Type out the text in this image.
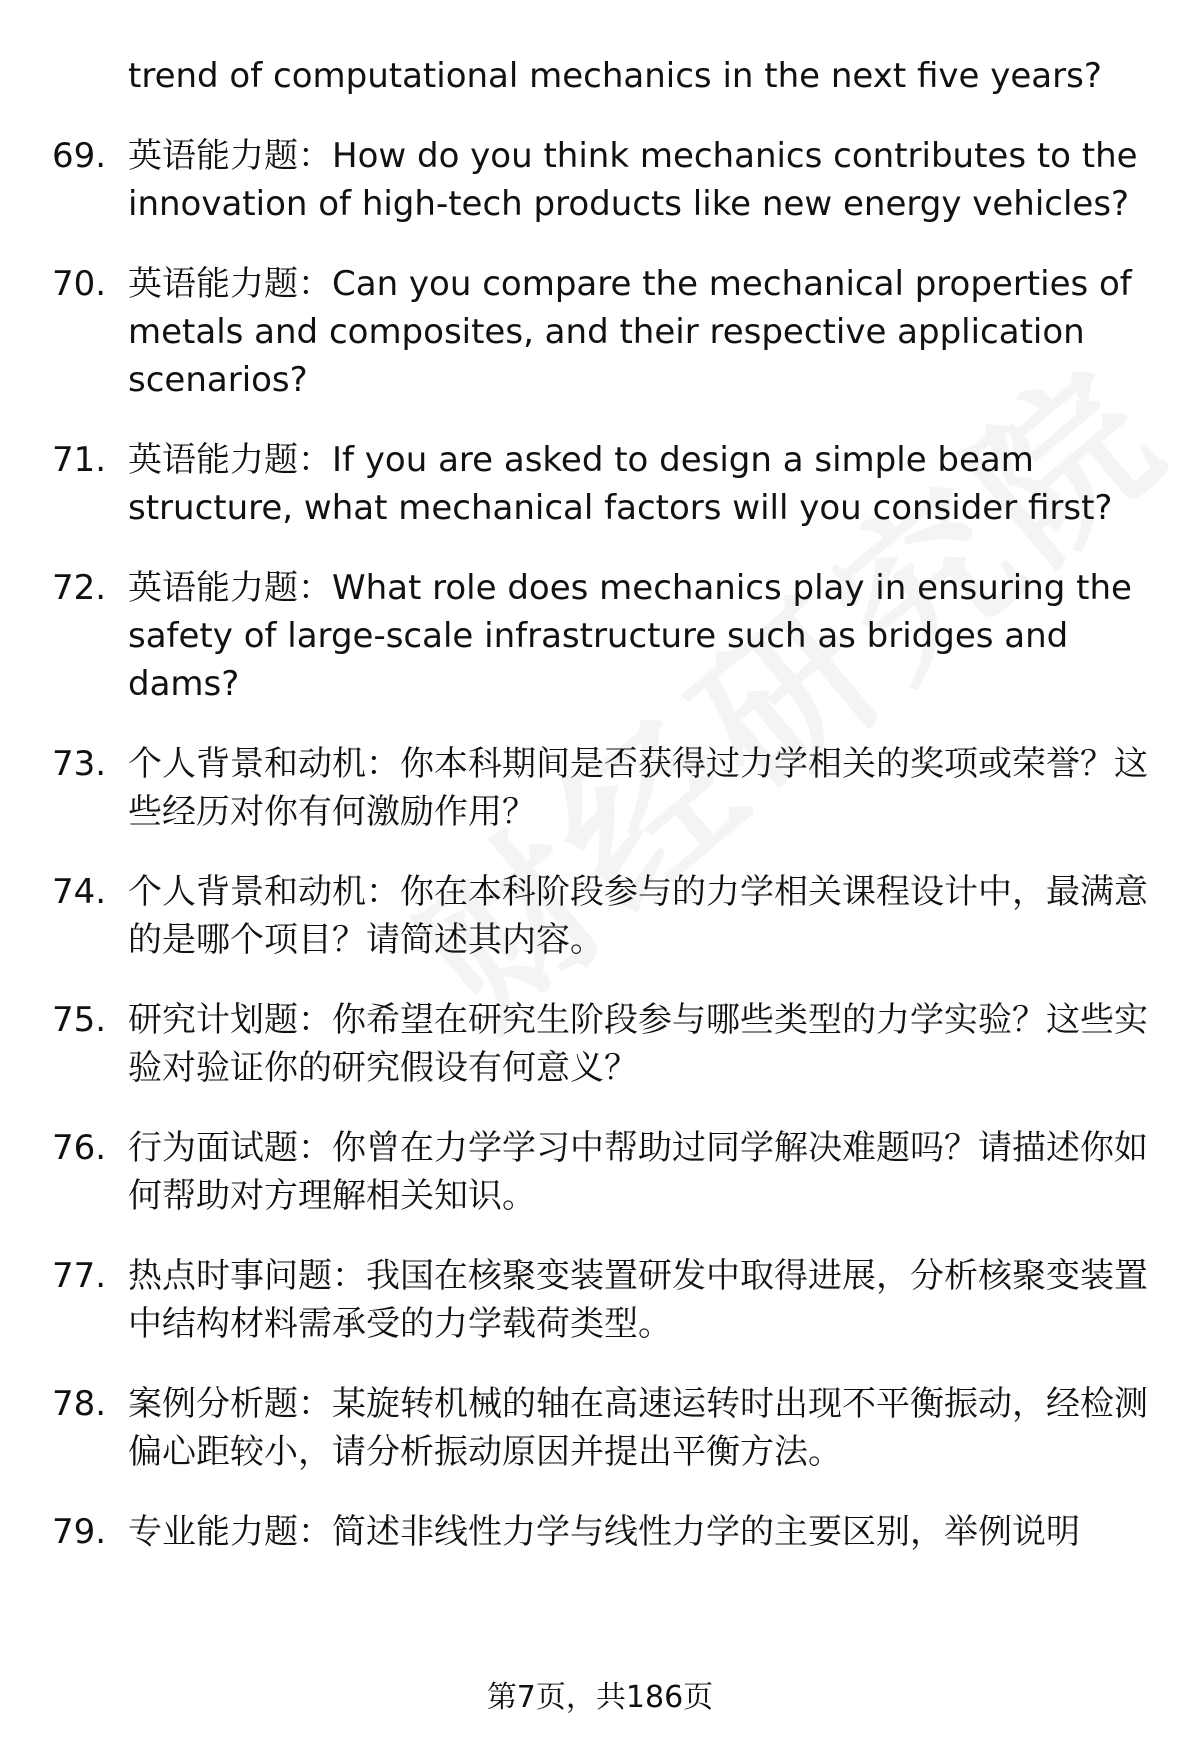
trend of computational mechanics in the next five years?
69. 英语能力题：How do you think mechanics contributes to the innovation of high-tech products like new energy vehicles?
70. 英语能力题：Can you compare the mechanical properties of metals and composites, and their respective application scenarios?
71. 英语能力题：If you are asked to design a simple beam structure, what mechanical factors will you consider first?
72. 英语能力题：What role does mechanics play in ensuring the safety of large-scale infrastructure such as bridges and dams?
73. 个人背景和动机：你本科期间是否获得过力学相关的奖项或荣誉？这些经历对你有何激励作用？
74. 个人背景和动机：你在本科阶段参与的力学相关课程设计中，最满意的是哪个项目？请简述其内容。
75. 研究计划题：你希望在研究生阶段参与哪些类型的力学实验？这些实验对验证你的研究假设有何意义？
76. 行为面试题：你曾在力学学习中帮助过同学解决难题吗？请描述你如何帮助对方理解相关知识。
77. 热点时事问题：我国在核聚变装置研发中取得进展，分析核聚变装置中结构材料需承受的力学载荷类型。
78. 案例分析题：某旋转机械的轴在高速运转时出现不平衡振动，经检测偏心距较小，请分析振动原因并提出平衡方法。
79. 专业能力题：简述非线性力学与线性力学的主要区别，举例说明
第7页，共186页
